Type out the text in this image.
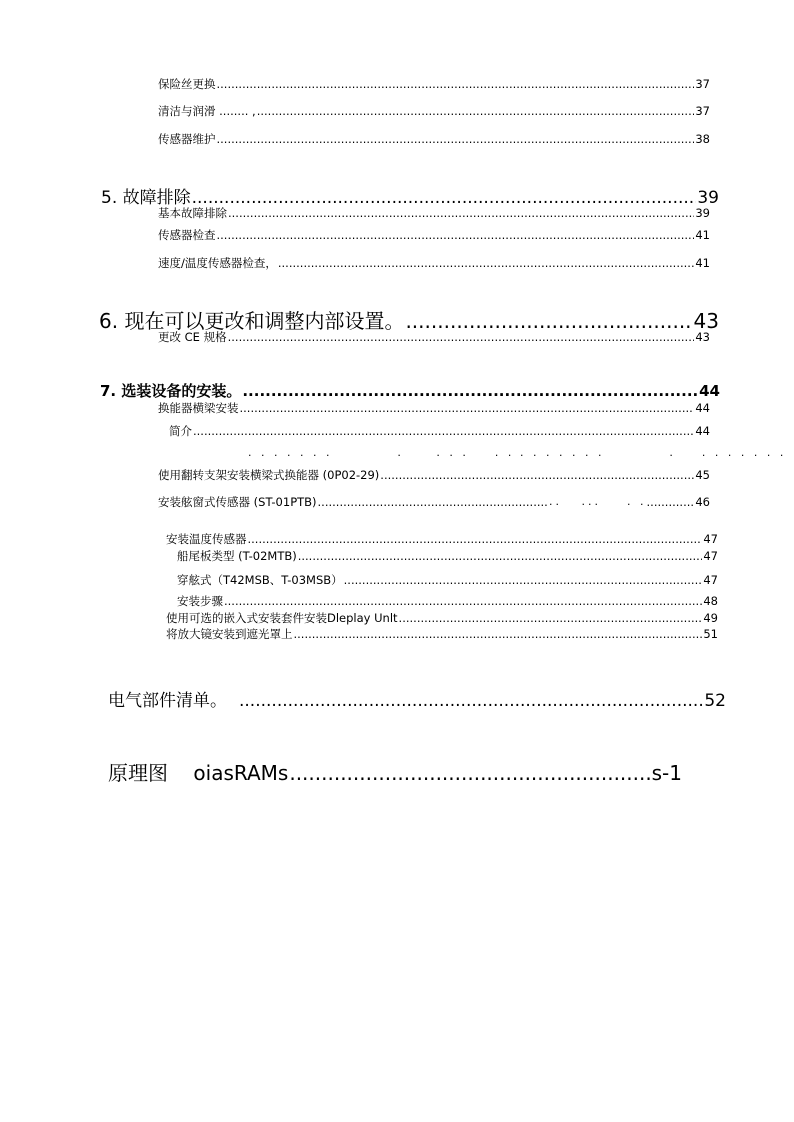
保险丝更换 .....	37
清洁与润滑 ........ , .....	37
传感器维护 .....	38
5. 故障排除 .....	39
基本故障排除 .....	39
传感器检查 .....	41
速度/温度传感器检查， .....	41
6. 现在可以更改和调整内部设置。 .....	43
更改 CE 规格 .....	43
7. 选装设备的安装。 .....	44
换能器横梁安装 .....	44
简介 .....	44
. . . . . . .          .     . . .    . . . . . . . . .          .    . . . . . . .
使用翻转支架安装横梁式换能器 (0P02-29) .....	45
安装舷窗式传感器 (ST-01PTB) .....	46
..   ...    . .
安装温度传感器 .....	47
船尾板类型 (T-02MTB) .....	47
穿舷式（T42MSB、T-03MSB） .....	47
安装步骤 .....	48
使用可选的嵌入式安装套件安装Dleplay Unlt .....	49
将放大镜安装到遮光罩上 .....	51
电气部件清单。 .....	52
原理图    oiasRAMs .....	s-1
